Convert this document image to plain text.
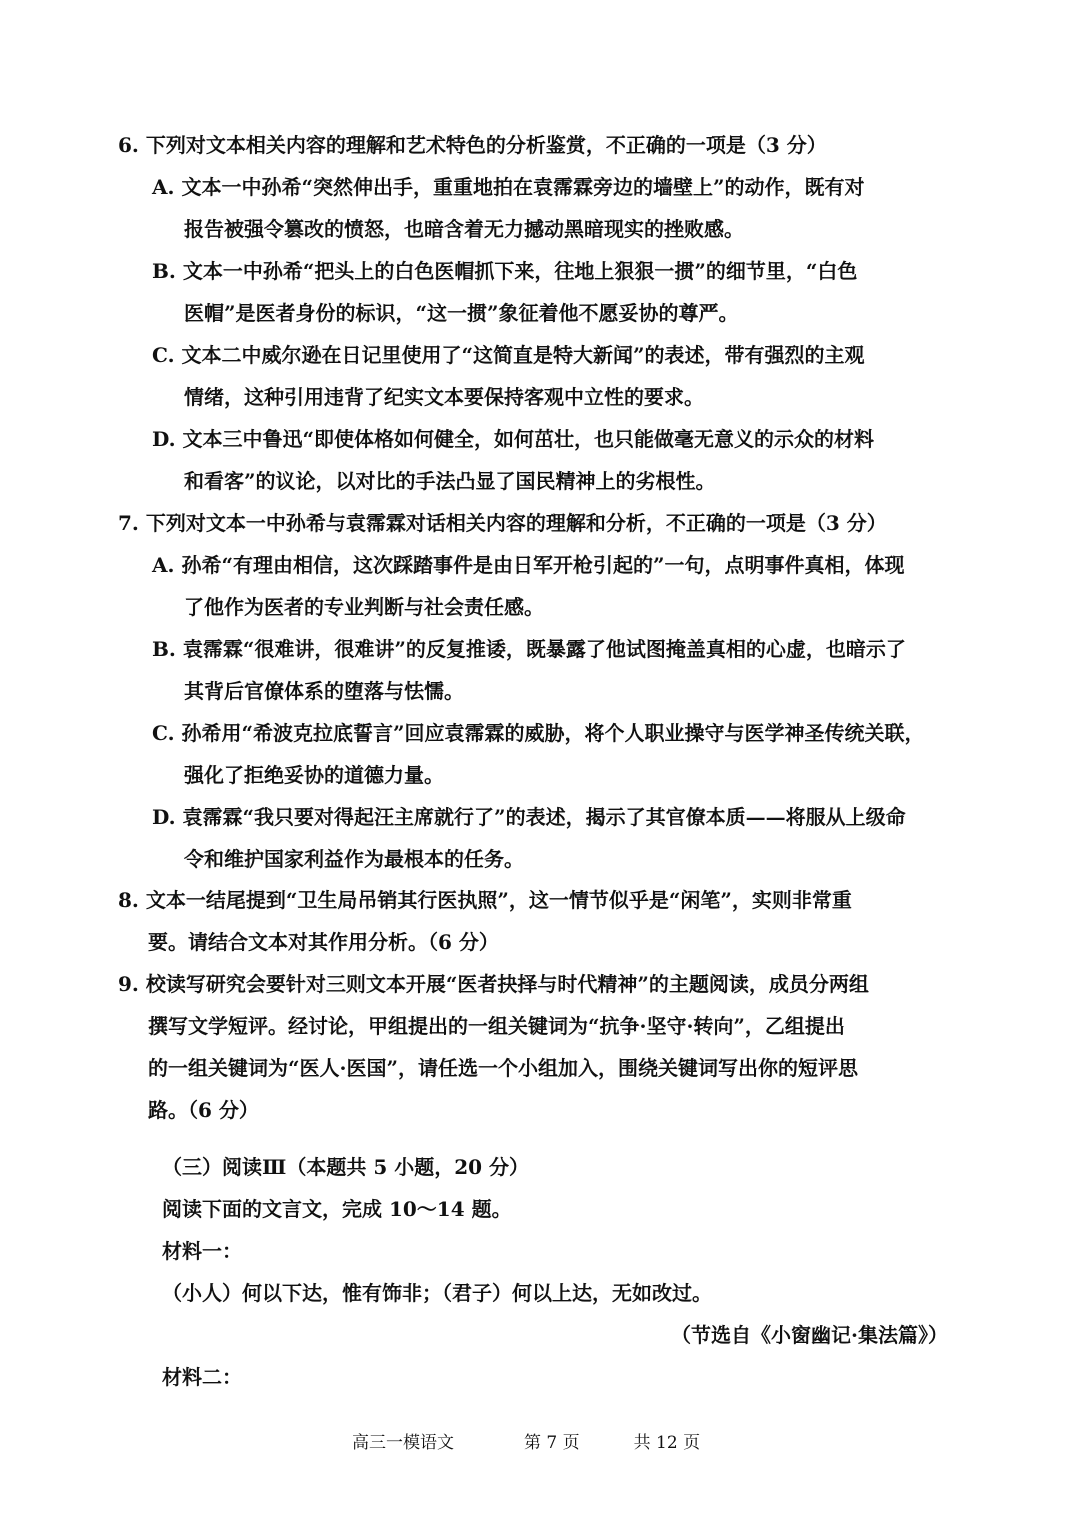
6. 下列对文本相关内容的理解和艺术特色的分析鉴赏，不正确的一项是（3 分）
A. 文本一中孙希“突然伸出手，重重地拍在袁霈霖旁边的墙壁上”的动作，既有对
报告被强令篡改的愤怒，也暗含着无力撼动黑暗现实的挫败感。
B. 文本一中孙希“把头上的白色医帽抓下来，往地上狠狠一掼”的细节里，“白色
医帽”是医者身份的标识，“这一掼”象征着他不愿妥协的尊严。
C. 文本二中威尔逊在日记里使用了“这简直是特大新闻”的表述，带有强烈的主观
情绪，这种引用违背了纪实文本要保持客观中立性的要求。
D. 文本三中鲁迅“即使体格如何健全，如何茁壮，也只能做毫无意义的示众的材料
和看客”的议论，以对比的手法凸显了国民精神上的劣根性。
7. 下列对文本一中孙希与袁霈霖对话相关内容的理解和分析，不正确的一项是（3 分）
A. 孙希“有理由相信，这次踩踏事件是由日军开枪引起的”一句，点明事件真相，体现
了他作为医者的专业判断与社会责任感。
B. 袁霈霖“很难讲，很难讲”的反复推诿，既暴露了他试图掩盖真相的心虚，也暗示了
其背后官僚体系的堕落与怯懦。
C. 孙希用“希波克拉底誓言”回应袁霈霖的威胁，将个人职业操守与医学神圣传统关联，
强化了拒绝妥协的道德力量。
D. 袁霈霖“我只要对得起汪主席就行了”的表述，揭示了其官僚本质——将服从上级命
令和维护国家利益作为最根本的任务。
8. 文本一结尾提到“卫生局吊销其行医执照”，这一情节似乎是“闲笔”，实则非常重
要。请结合文本对其作用分析。（6 分）
9. 校读写研究会要针对三则文本开展“医者抉择与时代精神”的主题阅读，成员分两组
撰写文学短评。经讨论，甲组提出的一组关键词为“抗争·坚守·转向”，乙组提出
的一组关键词为“医人·医国”，请任选一个小组加入，围绕关键词写出你的短评思
路。（6 分）
（三）阅读Ⅲ（本题共 5 小题，20 分）
阅读下面的文言文，完成 10～14 题。
材料一：
（小人）何以下达，惟有饰非；（君子）何以上达，无如改过。
（节选自《小窗幽记·集法篇》）
材料二：
高三一模语文	第 7 页	共 12 页
